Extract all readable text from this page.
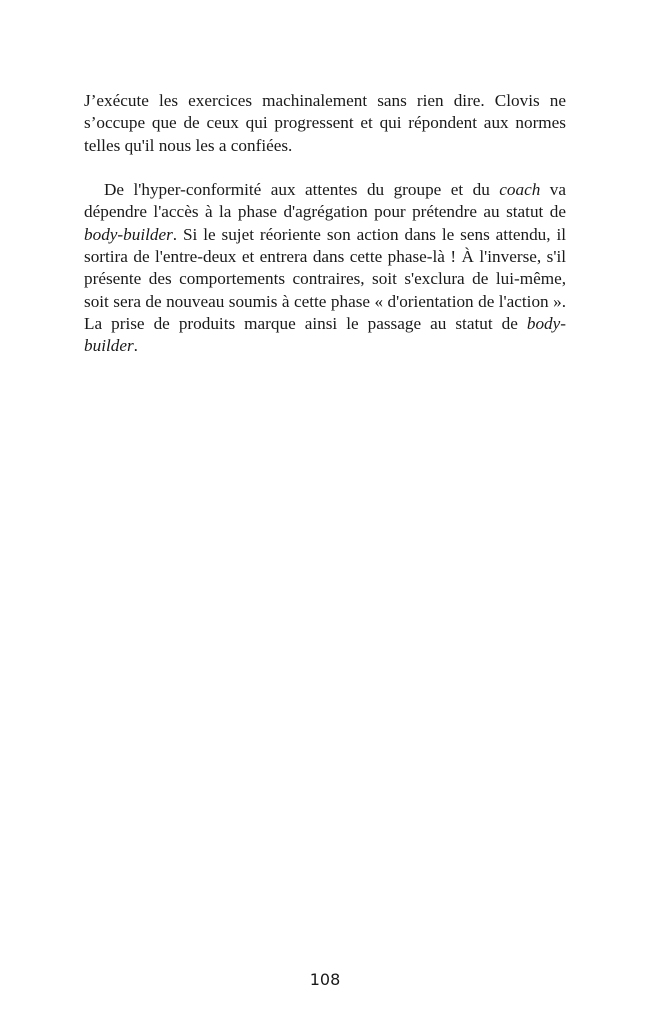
J’exécute les exercices machinalement sans rien dire. Clovis ne s’occupe que de ceux qui progressent et qui répondent aux normes telles qu'il nous les a confiées.

De l'hyper-conformité aux attentes du groupe et du coach va dépendre l'accès à la phase d'agrégation pour prétendre au statut de body-builder. Si le sujet réoriente son action dans le sens attendu, il sortira de l'entre-deux et entrera dans cette phase-là ! À l'inverse, s'il présente des comportements contraires, soit s'exclura de lui-même, soit sera de nouveau soumis à cette phase « d'orientation de l'action ». La prise de produits marque ainsi le passage au statut de body-builder.

108
